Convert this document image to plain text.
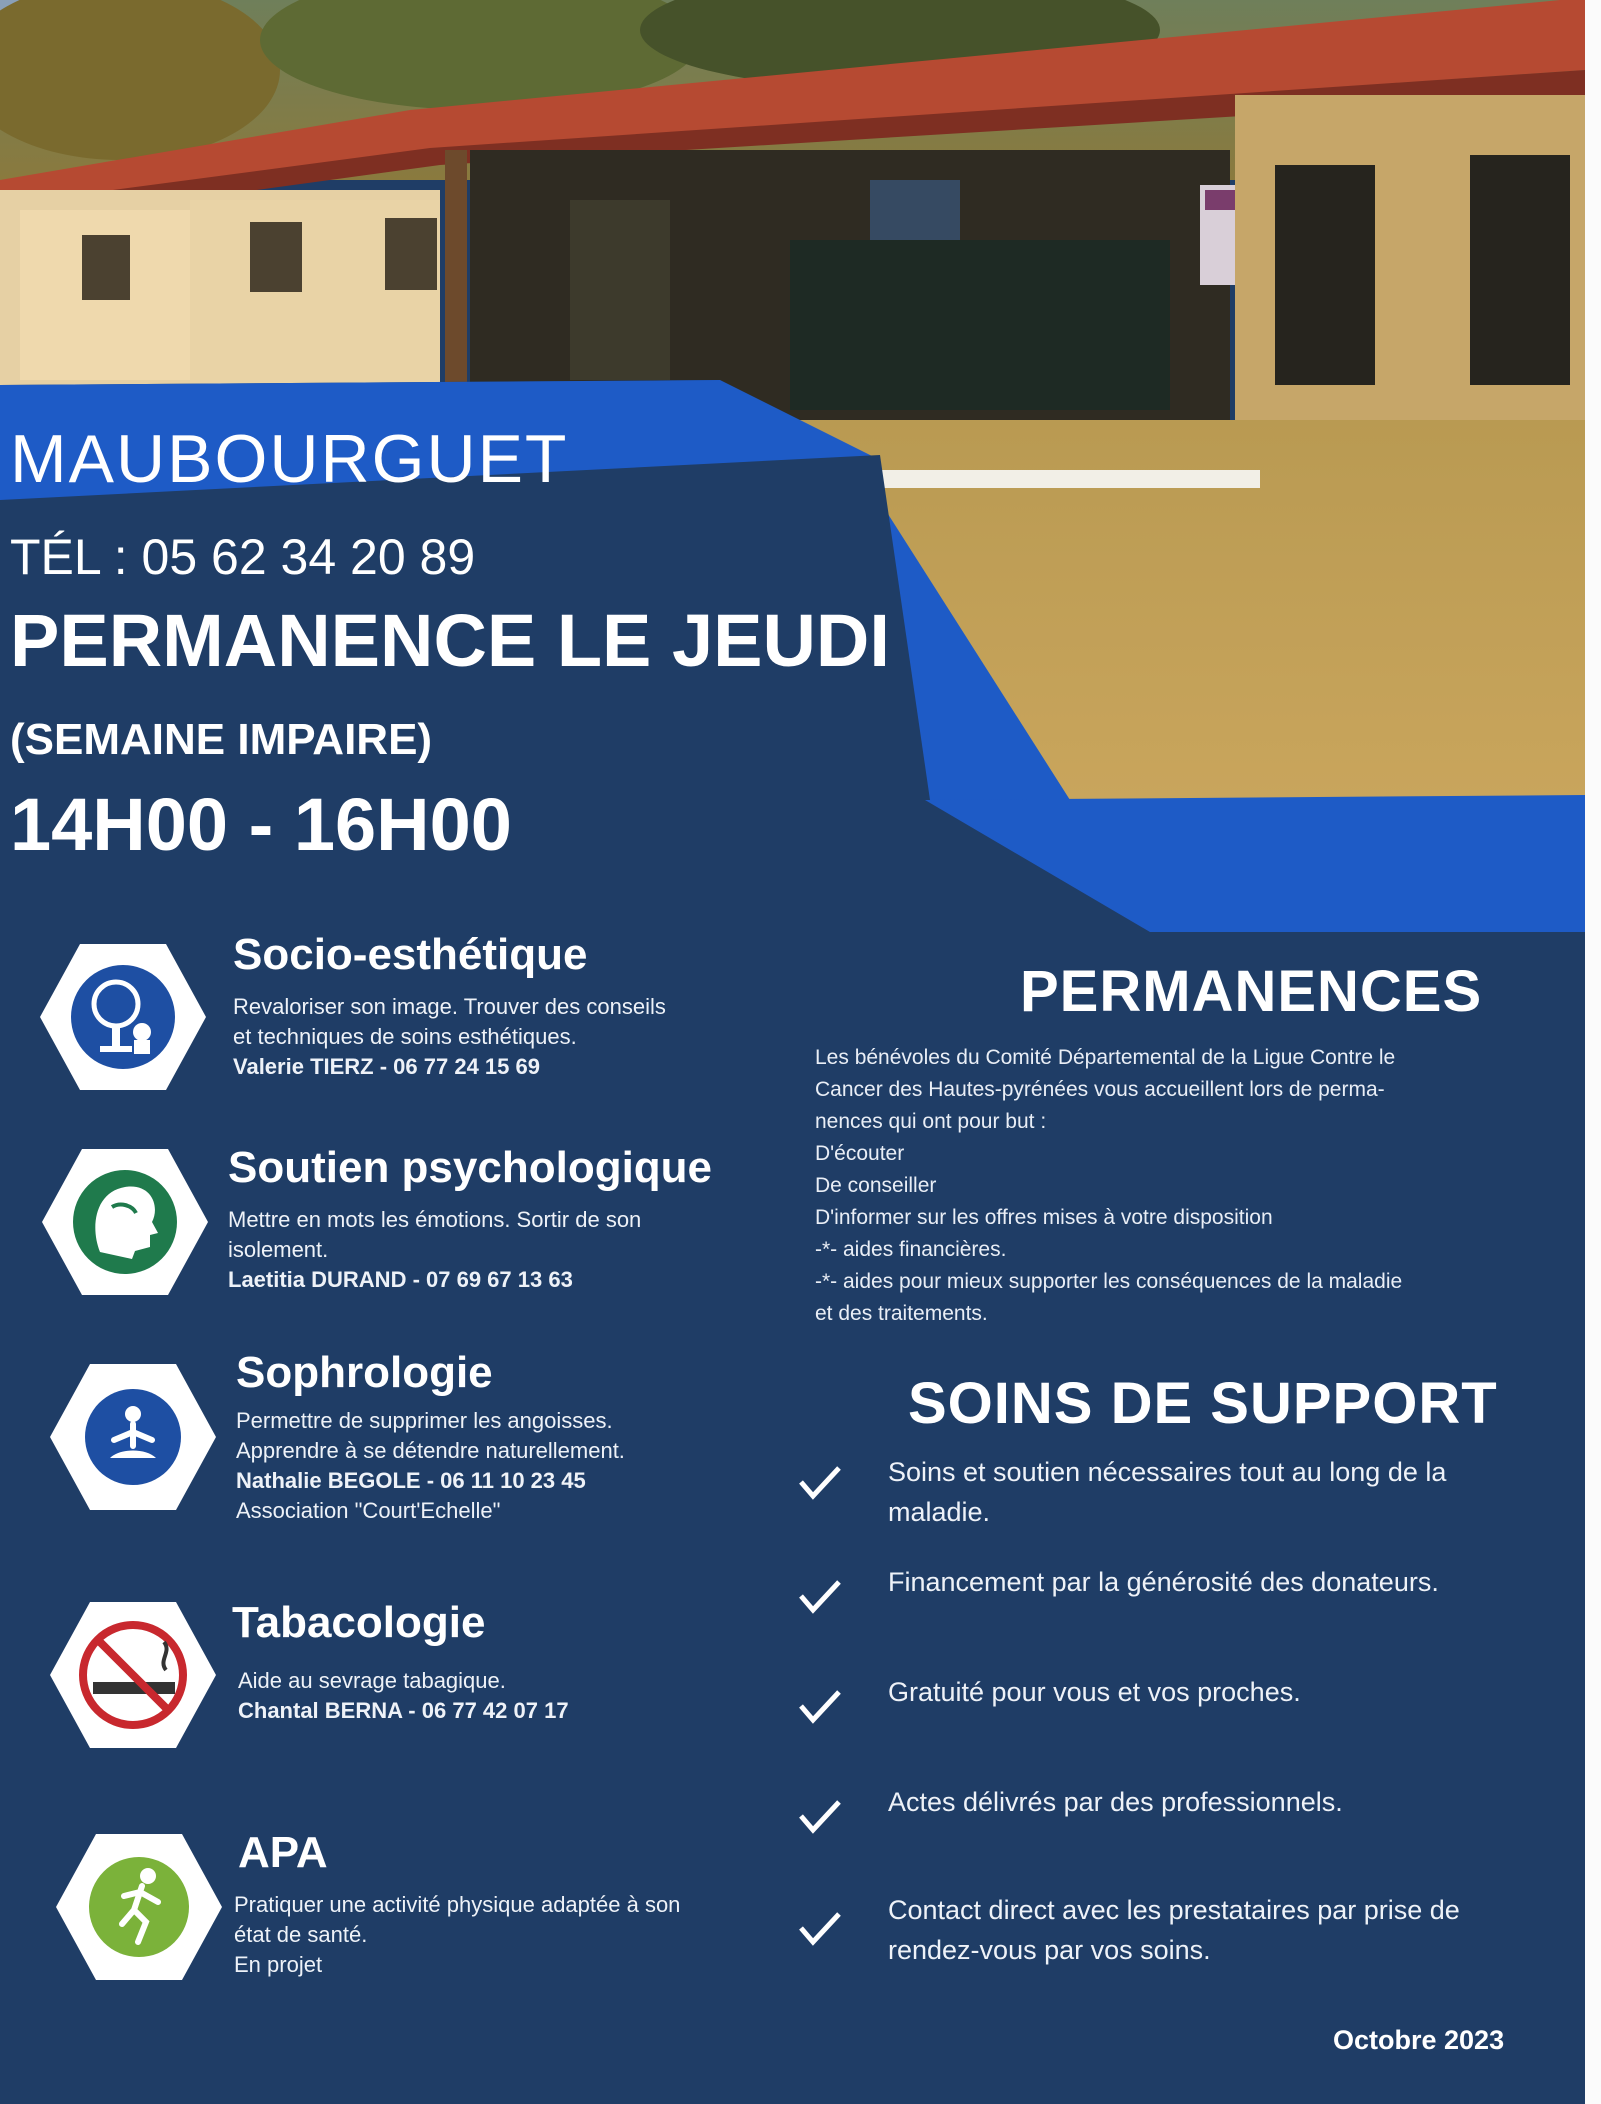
MAUBOURGUET
TÉL : 05 62 34 20 89
PERMANENCE LE JEUDI
(SEMAINE IMPAIRE)
14H00 - 16H00
Socio-esthétique
Revaloriser son image. Trouver des conseils
et techniques de soins esthétiques.
Valerie TIERZ - 06 77 24 15 69
Soutien psychologique
Mettre en mots les émotions. Sortir de son
isolement.
Laetitia DURAND - 07 69 67 13 63
Sophrologie
Permettre de supprimer les angoisses.
Apprendre à se détendre naturellement.
Nathalie BEGOLE - 06 11 10 23 45
Association "Court'Echelle"
Tabacologie
Aide au sevrage tabagique.
Chantal BERNA - 06 77 42 07 17
APA
Pratiquer une activité physique adaptée à son
état de santé.
En projet
PERMANENCES
Les bénévoles du Comité Départemental de la Ligue Contre le
Cancer des Hautes-pyrénées vous accueillent lors de perma-
nences qui ont pour but :
D'écouter
De conseiller
D'informer sur les offres mises à votre disposition
-*- aides financières.
-*- aides pour mieux supporter les conséquences de la maladie
et des traitements.
SOINS DE SUPPORT
Soins et soutien nécessaires tout au long de la maladie.
Financement par la générosité des donateurs.
Gratuité pour vous et vos proches.
Actes délivrés par des professionnels.
Contact direct avec les prestataires par prise de rendez-vous par vos soins.
Octobre 2023
